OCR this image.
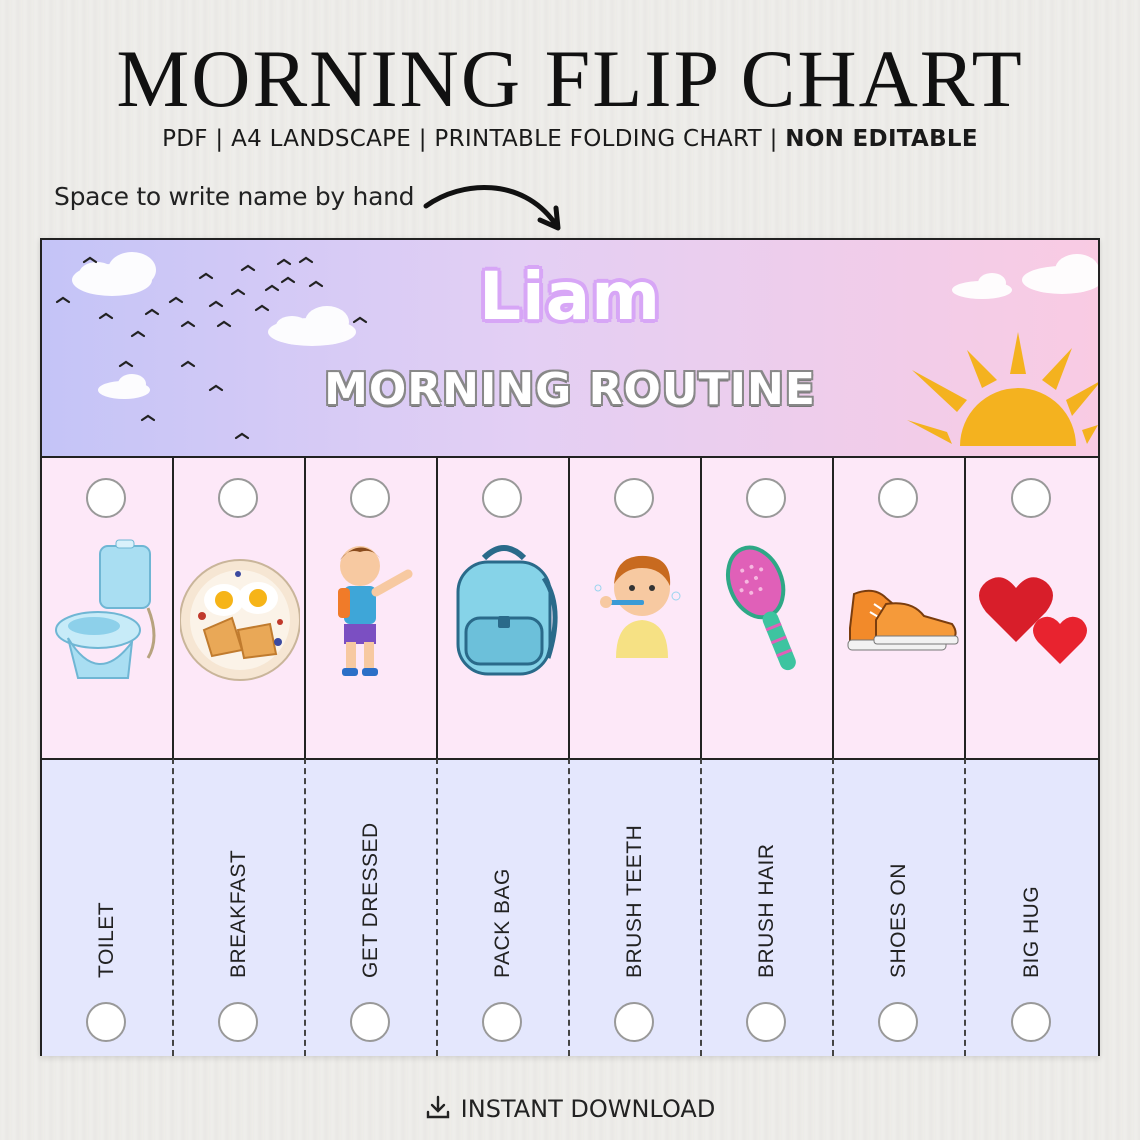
MORNING FLIP CHART
PDF | A4 LANDSCAPE | PRINTABLE FOLDING CHART | NON EDITABLE
Space to write name by hand
Liam
MORNING ROUTINE
TOILET	BREAKFAST	GET DRESSED	PACK BAG	BRUSH TEETH	BRUSH HAIR	SHOES ON	BIG HUG
INSTANT DOWNLOAD
